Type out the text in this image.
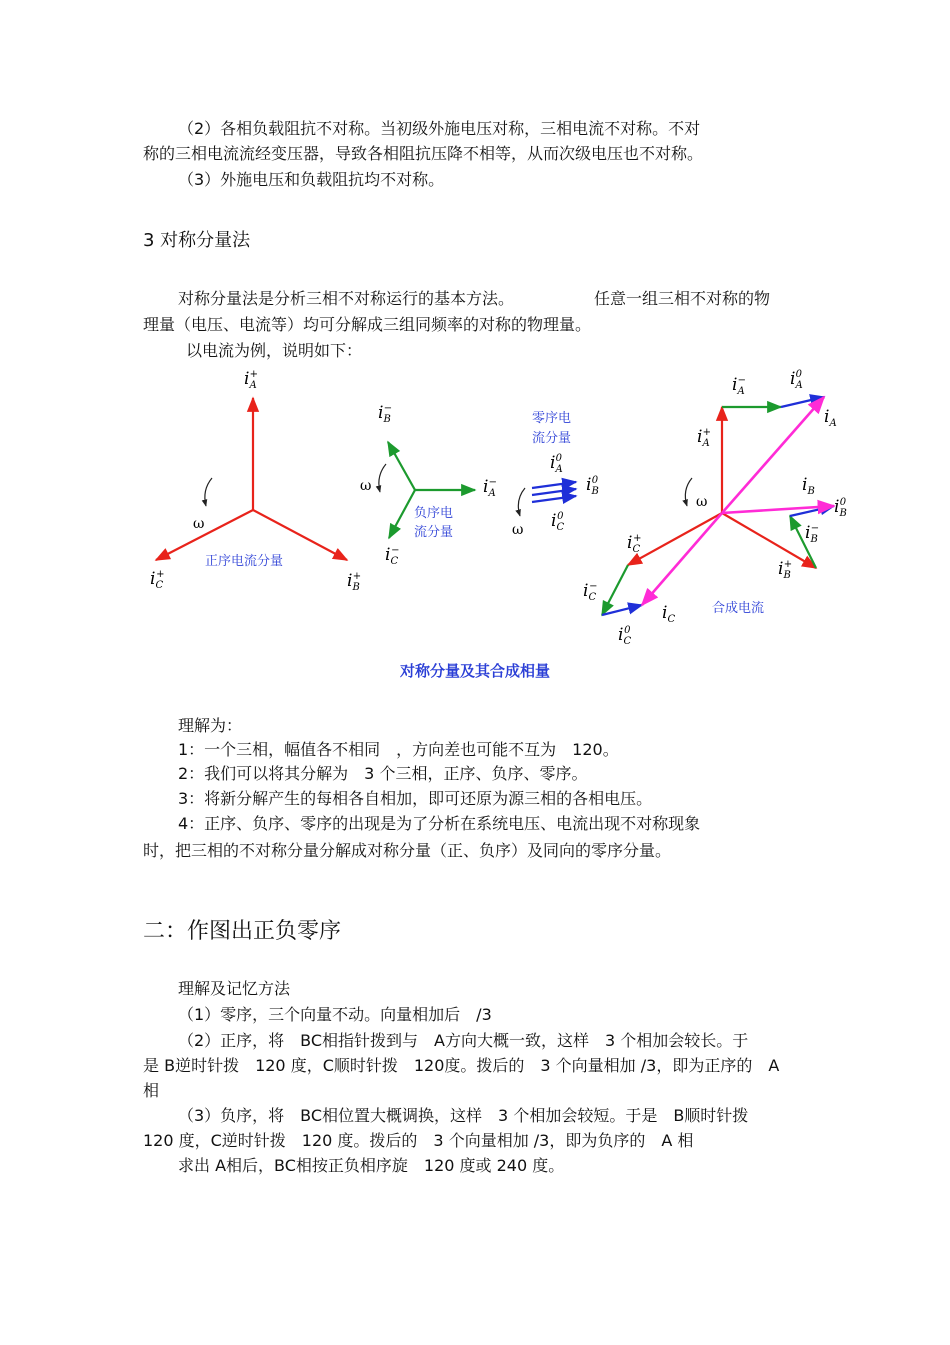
（2）各相负载阻抗不对称。当初级外施电压对称，三相电流不对称。不对
称的三相电流流经变压器，导致各相阻抗压降不相等，从而次级电压也不对称。
（3）外施电压和负载阻抗均不对称。
3 对称分量法
对称分量法是分析三相不对称运行的基本方法。	任意一组三相不对称的物
理量（电压、电流等）均可分解成三组同频率的对称的物理量。
以电流为例，说明如下：
$i_A+$
$i_C+$	$i_B+$
ω
正序电流分量
$i_B-$
$i_A-$
$i_C-$
ω
负序电
流分量
零序电
流分量
$i_A0$
$i_B0$
$i_C0$
ω
$i_A-$	$i_A0$
$i_A+$
$i_A$
$i_B$
$i_B0$
$i_B-$
$i_B+$
$i_C+$
$i_C-$
$i_C$
$i_C0$
ω
合成电流
对称分量及其合成相量
理解为：
1：一个三相，幅值各不相同　，方向差也可能不互为　120。
2：我们可以将其分解为　3 个三相，正序、负序、零序。
3：将新分解产生的每相各自相加，即可还原为源三相的各相电压。
4：正序、负序、零序的出现是为了分析在系统电压、电流出现不对称现象
时，把三相的不对称分量分解成对称分量（正、负序）及同向的零序分量。
二：作图出正负零序
理解及记忆方法
（1）零序，三个向量不动。向量相加后　/3
（2）正序，将　BC相指针拨到与　A方向大概一致，这样　3 个相加会较长。于
是 B逆时针拨　120 度，C顺时针拨　120度。拨后的　3 个向量相加 /3，即为正序的　A
相
（3）负序，将　BC相位置大概调换，这样　3 个相加会较短。于是　B顺时针拨
120 度，C逆时针拨　120 度。拨后的　3 个向量相加 /3，即为负序的　A 相
求出 A相后，BC相按正负相序旋　120 度或 240 度。
